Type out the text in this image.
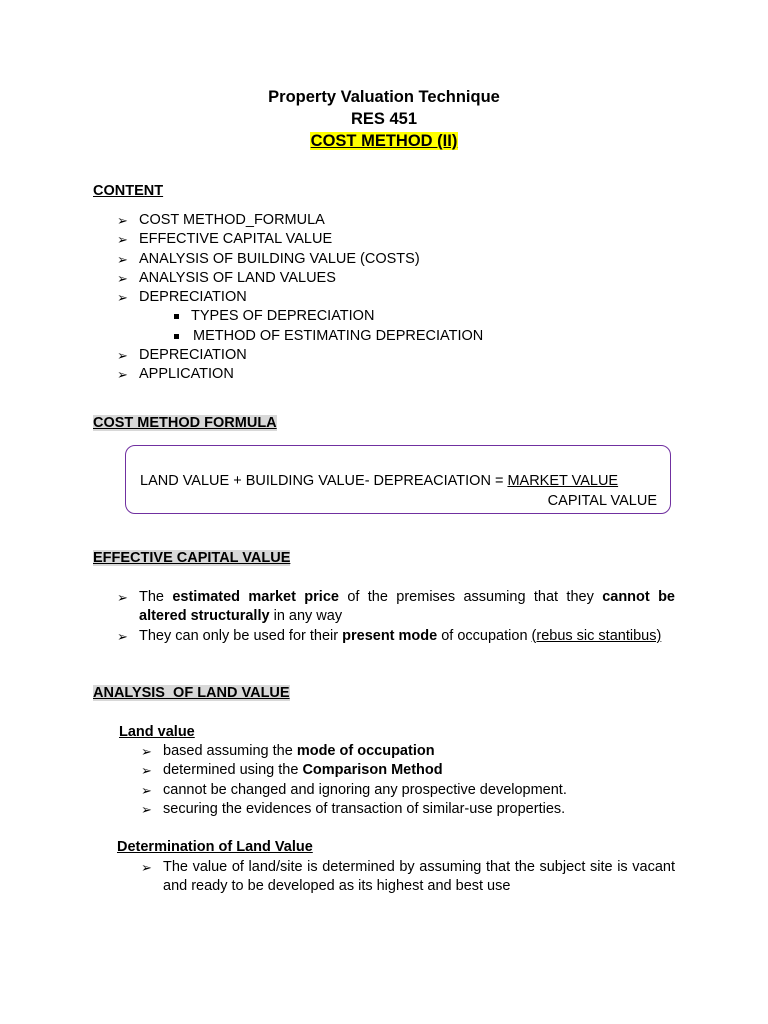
Property Valuation Technique
RES 451
COST METHOD (II)
CONTENT
➢ COST METHOD_FORMULA
➢ EFFECTIVE CAPITAL VALUE
➢ ANALYSIS OF BUILDING VALUE (COSTS)
➢ ANALYSIS OF LAND VALUES
➢ DEPRECIATION
TYPES OF DEPRECIATION
METHOD OF ESTIMATING DEPRECIATION
➢ DEPRECIATION
➢ APPLICATION
COST METHOD FORMULA
LAND VALUE + BUILDING VALUE- DEPREACIATION = MARKET VALUE
CAPITAL VALUE
EFFECTIVE CAPITAL VALUE
➢ The estimated market price of the premises assuming that they cannot be altered structurally in any way
➢ They can only be used for their present mode of occupation (rebus sic stantibus)
ANALYSIS  OF LAND VALUE
Land value
➢ based assuming the mode of occupation
➢ determined using the Comparison Method
➢ cannot be changed and ignoring any prospective development.
➢ securing the evidences of transaction of similar-use properties.
Determination of Land Value
➢ The value of land/site is determined by assuming that the subject site is vacant and ready to be developed as its highest and best use
